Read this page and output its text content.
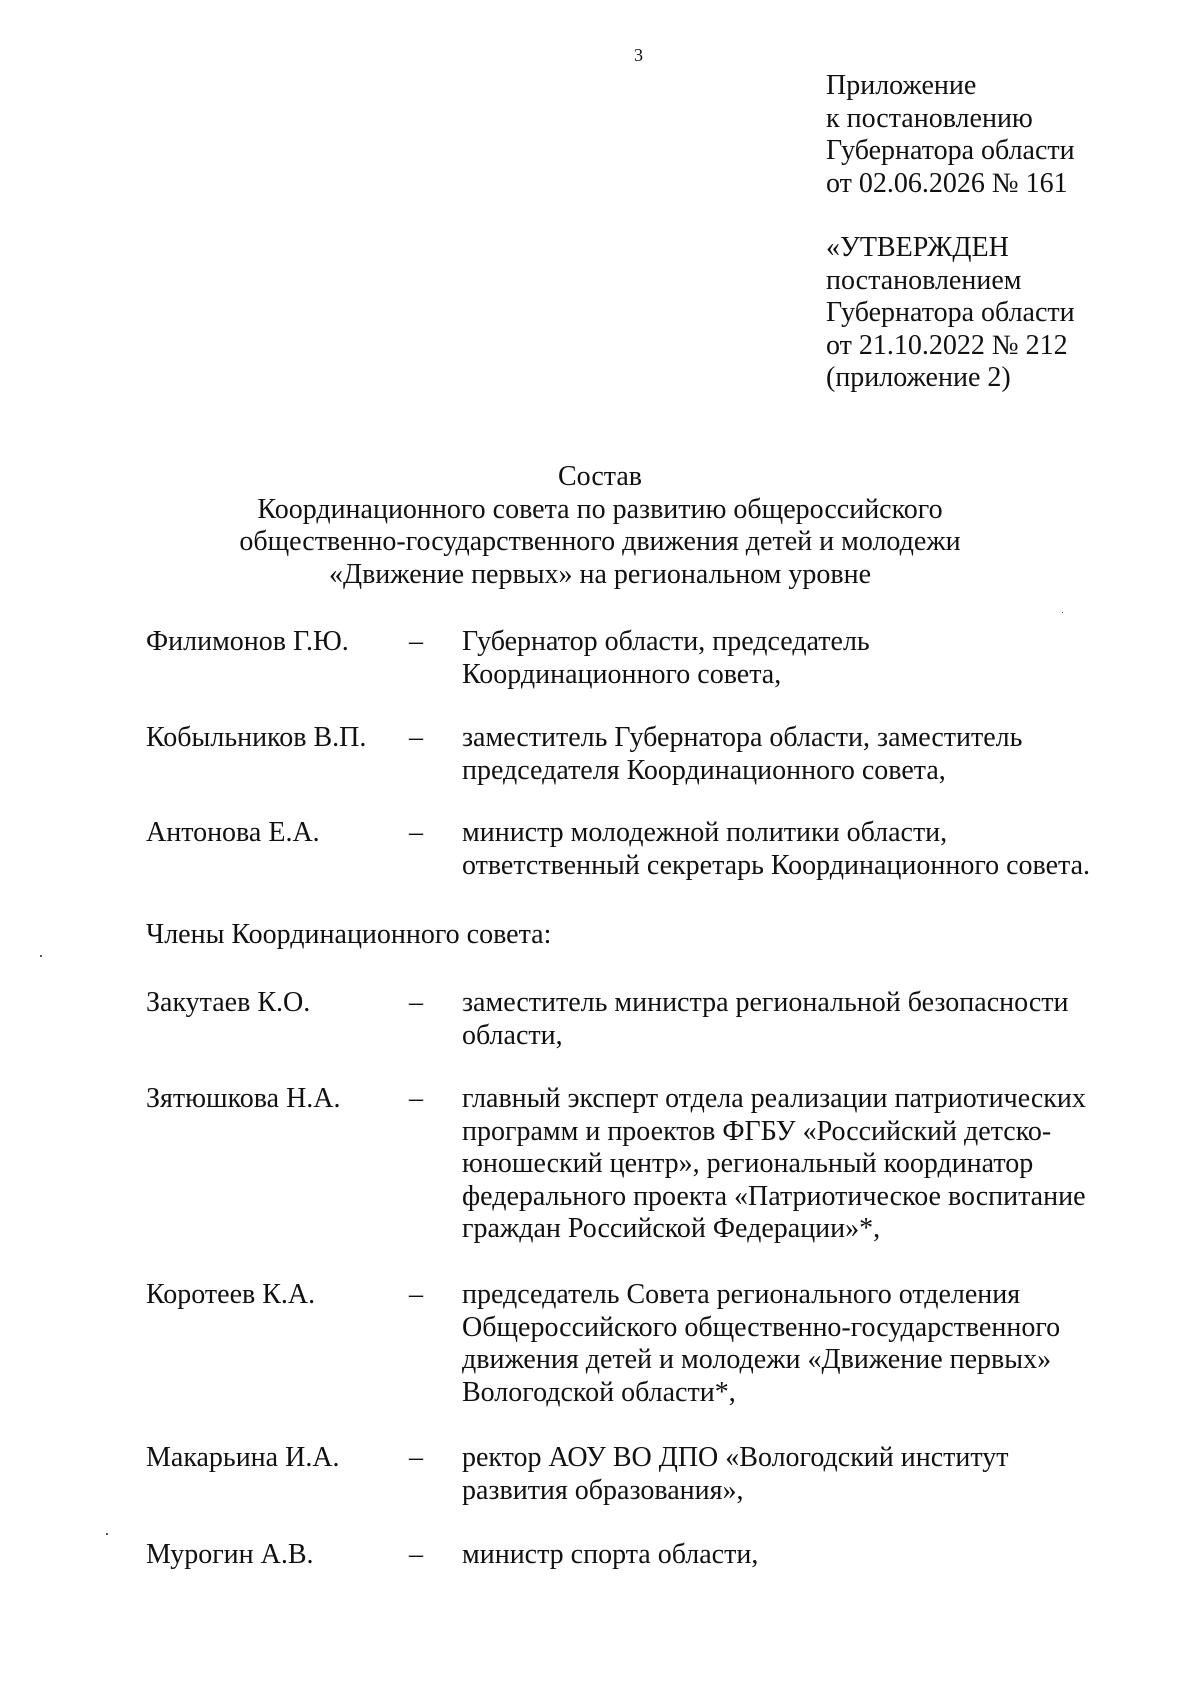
3
Приложение
к постановлению
Губернатора области
от 02.06.2026 № 161
«УТВЕРЖДЕН
постановлением
Губернатора области
от 21.10.2022 № 212
(приложение 2)
Состав
Координационного совета по развитию общероссийского
общественно-государственного движения детей и молодежи
«Движение первых» на региональном уровне
Филимонов Г.Ю. – Губернатор области, председатель
Координационного совета,
Кобыльников В.П. – заместитель Губернатора области, заместитель
председателя Координационного совета,
Антонова Е.А.	– министр молодежной политики области,
ответственный секретарь Координационного совета.
Члены Координационного совета:
Закутаев К.О.	– заместитель министра региональной безопасности
области,
Зятюшкова Н.А. – главный эксперт отдела реализации патриотических
программ и проектов ФГБУ «Российский детско-
юношеский центр», региональный координатор
федерального проекта «Патриотическое воспитание
граждан Российской Федерации»*,
Коротеев К.А.	– председатель Совета регионального отделения
Общероссийского общественно-государственного
движения детей и молодежи «Движение первых»
Вологодской области*,
Макарьина И.А. – ректор АОУ ВО ДПО «Вологодский институт
развития образования»,
Мурогин А.В.	– министр спорта области,
